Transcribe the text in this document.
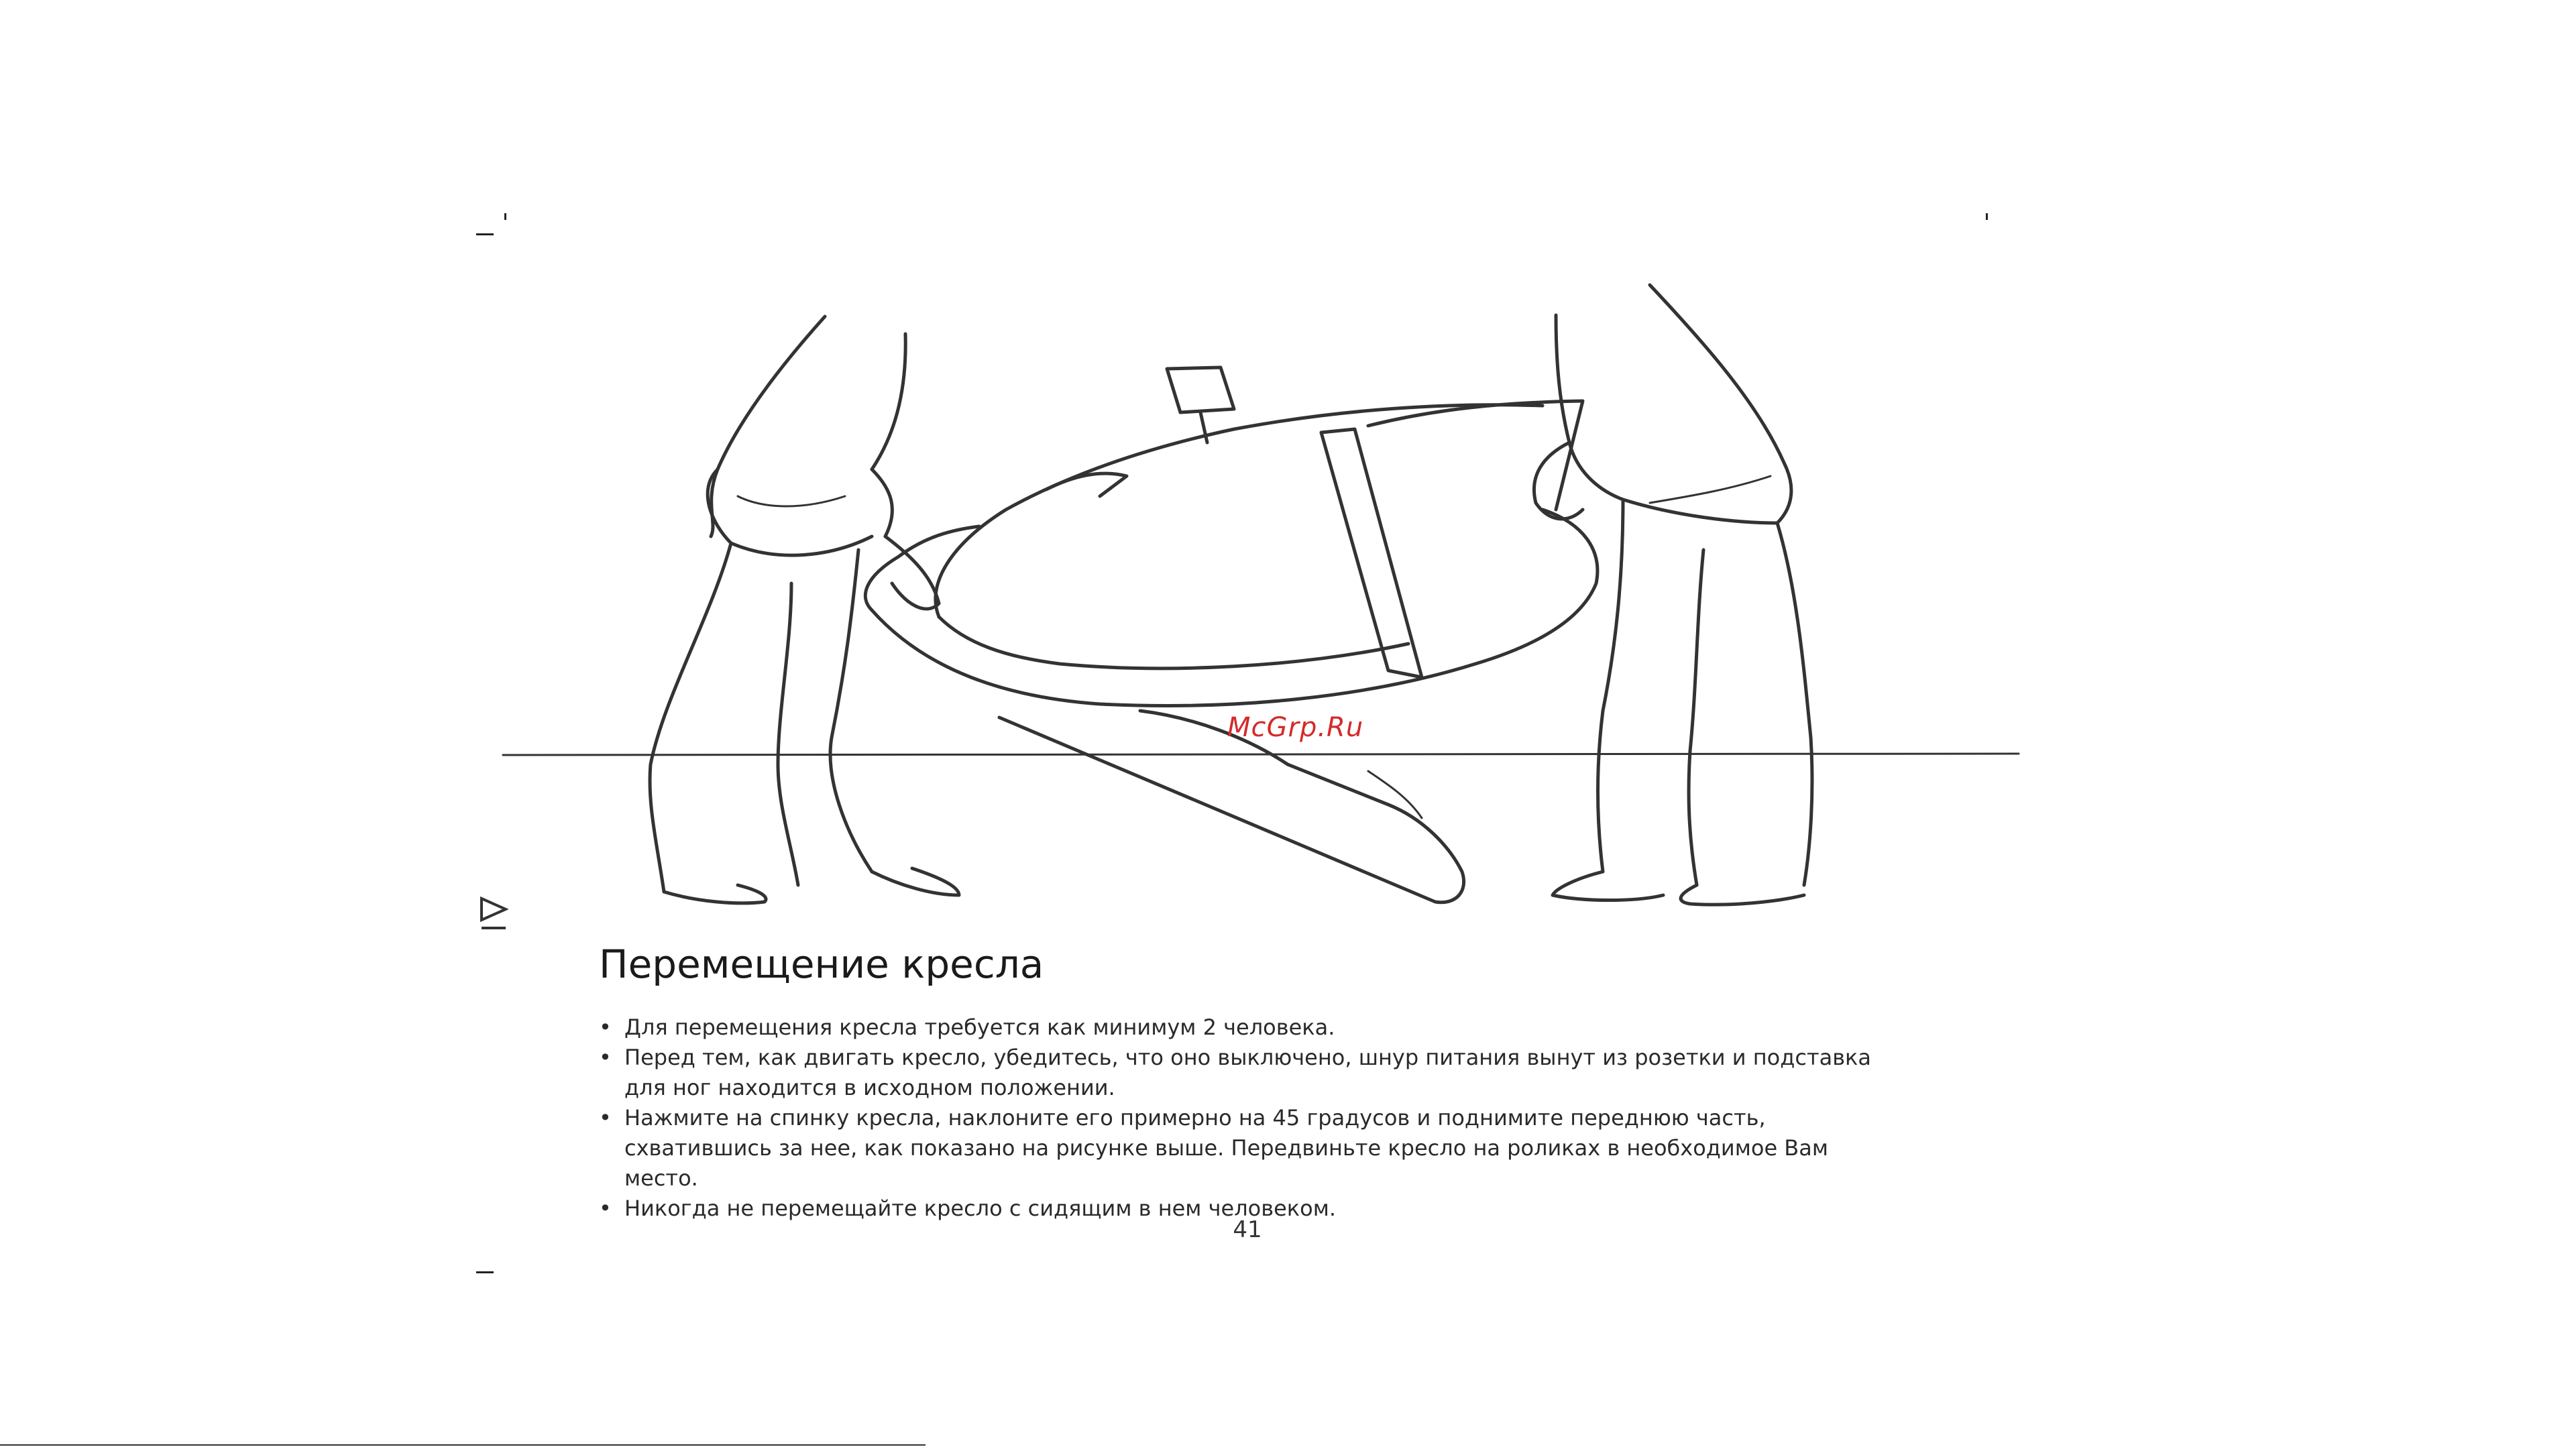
McGrp.Ru
Перемещение кресла
• Для перемещения кресла требуется как минимум 2 человека.
• Перед тем, как двигать кресло, убедитесь, что оно выключено, шнур питания вынут из розетки и подставка для ног находится в исходном положении.
• Нажмите на спинку кресла, наклоните его примерно на 45 градусов и поднимите переднюю часть, схватившись за нее, как показано на рисунке выше. Передвиньте кресло на роликах в необходимое Вам место.
• Никогда не перемещайте кресло с сидящим в нем человеком.
41
